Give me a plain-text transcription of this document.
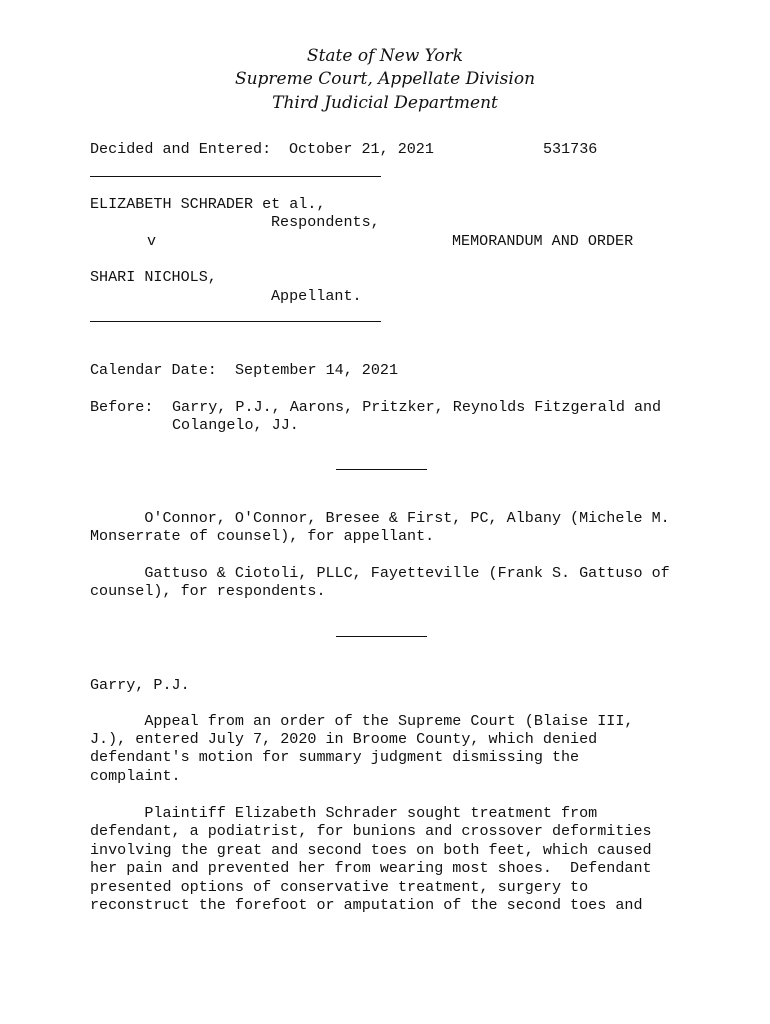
State of New York
Supreme Court, Appellate Division
Third Judicial Department
Decided and Entered: October 21, 2021	531736
ELIZABETH SCHRADER et al.,
Respondents,
v	MEMORANDUM AND ORDER
SHARI NICHOLS,
Appellant.
Calendar Date: September 14, 2021
Before: Garry, P.J., Aarons, Pritzker, Reynolds Fitzgerald and
Colangelo, JJ.
O'Connor, O'Connor, Bresee & First, PC, Albany (Michele M.
Monserrate of counsel), for appellant.
Gattuso & Ciotoli, PLLC, Fayetteville (Frank S. Gattuso of
counsel), for respondents.
Garry, P.J.
Appeal from an order of the Supreme Court (Blaise III,
J.), entered July 7, 2020 in Broome County, which denied
defendant's motion for summary judgment dismissing the
complaint.
Plaintiff Elizabeth Schrader sought treatment from
defendant, a podiatrist, for bunions and crossover deformities
involving the great and second toes on both feet, which caused
her pain and prevented her from wearing most shoes.  Defendant
presented options of conservative treatment, surgery to
reconstruct the forefoot or amputation of the second toes and
